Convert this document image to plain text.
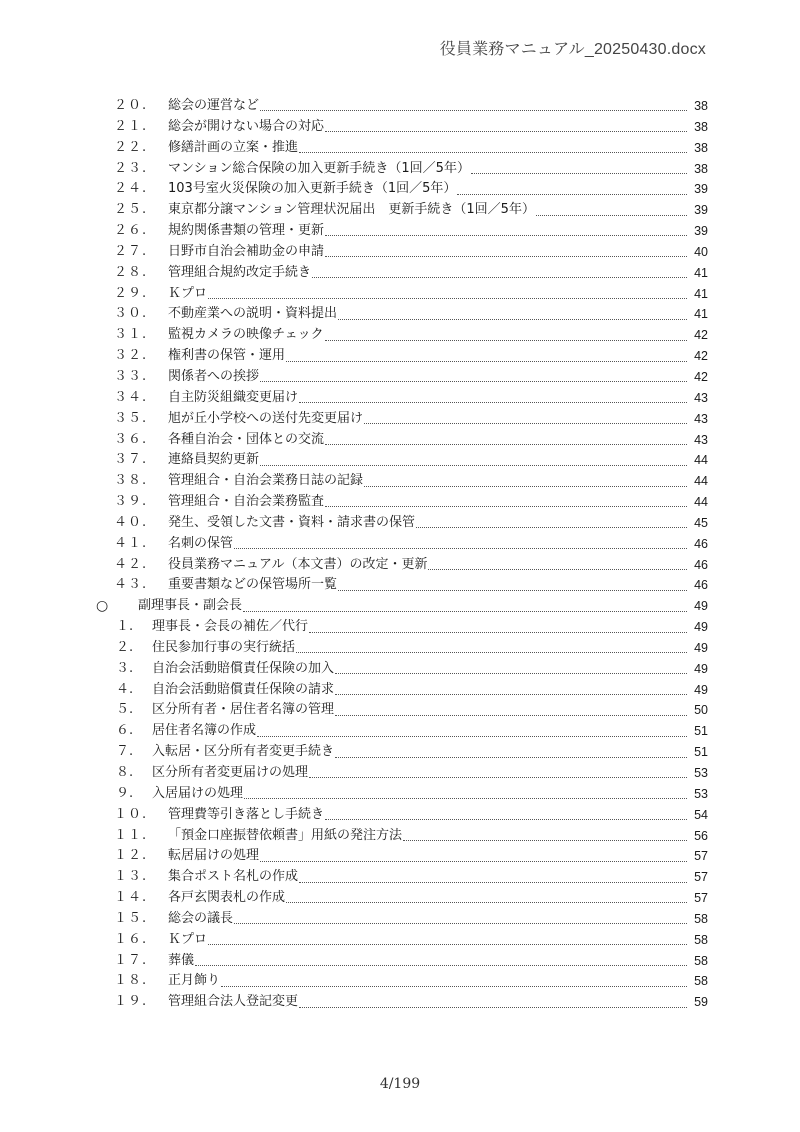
役員業務マニュアル_20250430.docx
２０.	総会の運営など	38
２１.	総会が開けない場合の対応	38
２２.	修繕計画の立案・推進	38
２３.	マンション総合保険の加入更新手続き（1回／5年）	38
２４.	103号室火災保険の加入更新手続き（1回／5年）	39
２５.	東京都分譲マンション管理状況届出　更新手続き（1回／5年）	39
２６.	規約関係書類の管理・更新	39
２７.	日野市自治会補助金の申請	40
２８.	管理組合規約改定手続き	41
２９.	Ｋプロ	41
３０.	不動産業への説明・資料提出	41
３１.	監視カメラの映像チェック	42
３２.	権利書の保管・運用	42
３３.	関係者への挨拶	42
３４.	自主防災組織変更届け	43
３５.	旭が丘小学校への送付先変更届け	43
３６.	各種自治会・団体との交流	43
３７.	連絡員契約更新	44
３８.	管理組合・自治会業務日誌の記録	44
３９.	管理組合・自治会業務監査	44
４０.	発生、受領した文書・資料・請求書の保管	45
４１.	名刺の保管	46
４２.	役員業務マニュアル（本文書）の改定・更新	46
４３.	重要書類などの保管場所一覧	46
○	副理事長・副会長	49
１.	理事長・会長の補佐／代行	49
２.	住民参加行事の実行統括	49
３.	自治会活動賠償責任保険の加入	49
４.	自治会活動賠償責任保険の請求	49
５.	区分所有者・居住者名簿の管理	50
６.	居住者名簿の作成	51
７.	入転居・区分所有者変更手続き	51
８.	区分所有者変更届けの処理	53
９.	入居届けの処理	53
１０.	管理費等引き落とし手続き	54
１１.	「預金口座振替依頼書」用紙の発注方法	56
１２.	転居届けの処理	57
１３.	集合ポスト名札の作成	57
１４.	各戸玄関表札の作成	57
１５.	総会の議長	58
１６.	Ｋプロ	58
１７.	葬儀	58
１８.	正月飾り	58
１９.	管理組合法人登記変更	59
4/199
